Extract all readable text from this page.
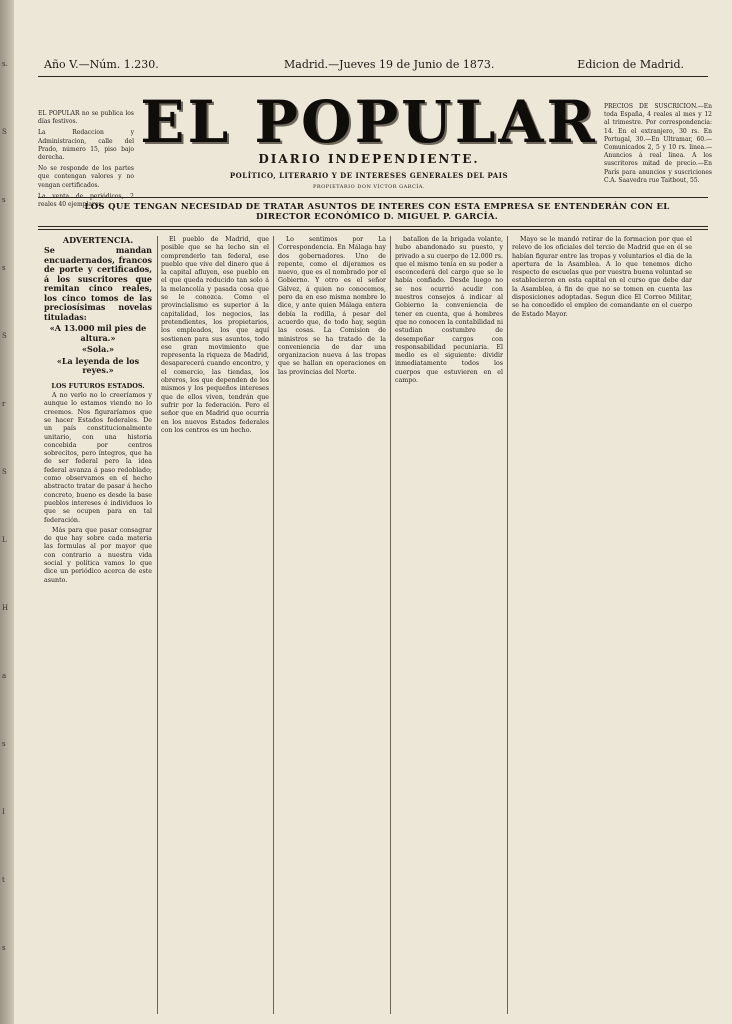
s.
S
s
s
S
r
S
L
H
a
s
I
t
s
Año V.—Núm. 1.230.	Madrid.—Jueves 19 de Junio de 1873.	Edicion de Madrid.

EL POPULAR no se publica los días festivos.

La Redaccion y Administracion, calle del Prado, número 15, piso bajo derecha.

No se responde de los partes que contengan valores y no vengan certificados.

reales 40 ejemplares.

EL POPULAR
DIARIO INDEPENDIENTE.
POLÍTICO, LITERARIO Y DE INTERESES GENERALES DEL PAIS
PROPIETARIO DON VÍCTOR GARCÍA.
PRECIOS DE SUSCRICION.—En toda España, 4 reales al mes y 12 al trimestre. Por correspondencia: 14. En el extranjero, 30 rs. En Portugal, 30.—En Ultramar, 60.—Comunicados 2, 5 y 10 rs. linea.—Anuncios á real linea. A los suscritores mitad de precio.—En París para anuncios y suscriciones C.A. Saavedra rue Taitbout, 55.
LOS QUE TENGAN NECESIDAD DE TRATAR ASUNTOS DE INTERES CON ESTA EMPRESA SE ENTENDERÁN CON EL DIRECTOR ECONÓMICO D. MIGUEL P. GARCÍA.

ADVERTENCIA.

Se mandan encuadernados, francos de porte y certificados, á los suscritores que remitan cinco reales, los cinco tomos de las preciosísimas novelas tituladas:

«A 13.000 mil pies de altura.»

«Sola.»

«La leyenda de los reyes.»

LOS FUTUROS ESTADOS.

A no verlo no lo creeríamos y aunque lo estamos viendo no lo creemos. Nos figuraríamos que se hacer Estados federales. De un país constitucionalmente unitario, con una historia concebida por centros sobrecitos, pero íntegros, que ha de ser federal pero la idea federal avanza á paso redoblado; como observamos en el hecho abstracto tratar de pasar á hecho concreto, bueno es desde la base pueblos intereses é individuos lo que se ocupen para en tal federación.

Más para que pasar consagrar de que hay sobre cada materia las formulas al por mayor que con contrario a nuestra vida social y política vamos lo que dice un periódico acerca de este asunto.

El pueblo de Madrid, que posible que se ha lecho sin el comprenderlo tan federal, ese pueblo que vive del dinero que á la capital afluyen, ese pueblo en el que queda reducido tan solo á la melancolía y pasada cosa que se le conozca. Como el provincialismo es superior á la capitalidad, los negocios, las pretendientes, los propietarios, los empleados, los que aquí sostienen para sus asuntos, todo ese gran movimiento que representa la riqueza de Madrid, desaparecerá cuando encontro, y el comercio, las tiendas, los obreros, los que dependen de los mismos y los pequeños intereses que de ellos viven, tendrán que sufrir por la federación. Pero el señor que en Madrid que ocurría en los nuevos Estados federales con los centros es un hecho.

Lo sentimos por La Correspondencia. En Málaga hay dos gobernadores. Uno de repente, como el dijeramos es nuevo, que es el nombrado por el Gobierno. Y otro es el señor Gálvez, á quien no conocemos, pero da en eso misma nombre lo dice, y ante quien Málaga entera debía la rodilla, á pesar del acuerdo que, de todo hay, según las cosas. La Comision de ministros se ha tratado de la conveniencia de dar una organizacion nueva á las tropas que se hallan en operaciones en las provincias del Norte.

batallon de la brigada volante, hubo abandonado su puesto, y privado a su cuerpo de 12.000 rs. que el mismo tenía en su poder a esconcederá del cargo que se le había confiado. Desde luego no se nos ocurrió acudir con nuestros consejos á indicar al Gobierno la conveniencia de tener en cuenta, que á hombres que no conocen la contabilidad ni estudian costumbre de desempeñar cargos con responsabilidad pecuniaria. El medio es el siguiente: dividir inmediatamente todos los cuerpos que estuvieren en el campo.

Mayo se le mandó retirar de la formacion por que el relevo de los oficiales del tercio de Madrid que en él se habían figurar entre las tropas y voluntarios el dia de la apertura de la Asamblea. A lo que tenemos dicho respecto de escuelas que por vuestra buena voluntad se establecieron en esta capital en el curso que debe dar la Asamblea, á fin de que no se tomen en cuenta las disposiciones adoptadas. Segun dice El Correo Militar, se ha concedido el empleo de comandante en el cuerpo de Estado Mayor.
